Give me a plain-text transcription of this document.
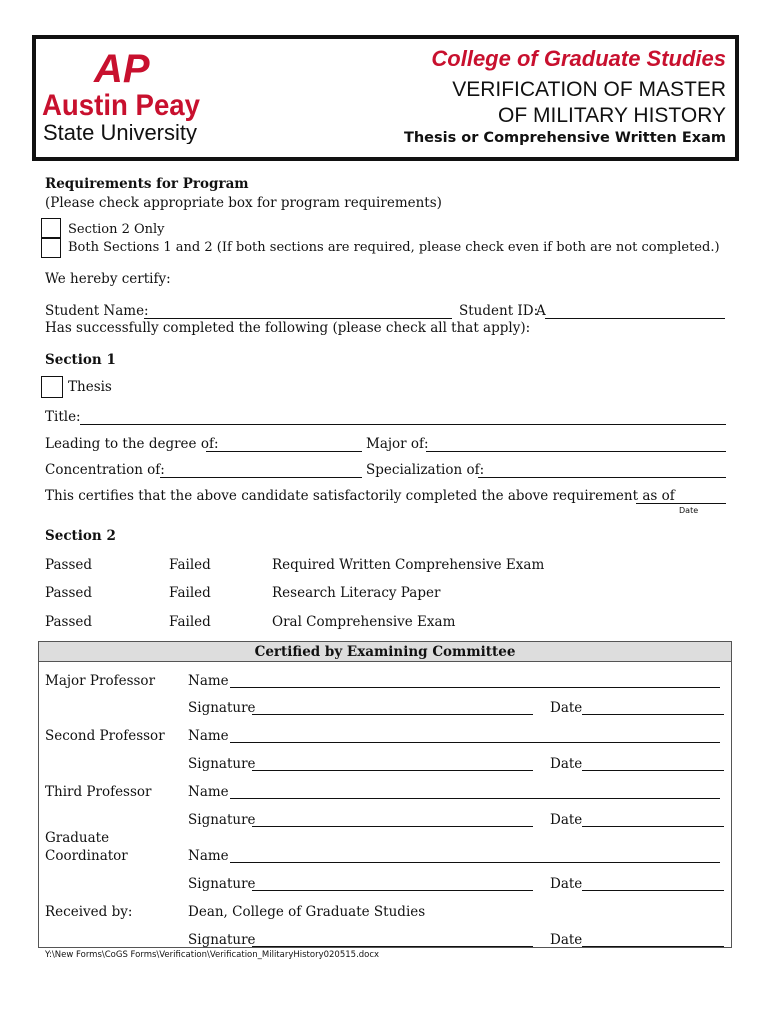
AP
Austin Peay
State University
College of Graduate Studies
VERIFICATION OF MASTER
OF MILITARY HISTORY
Thesis or Comprehensive Written Exam
Requirements for Program
(Please check appropriate box for program requirements)
Section 2 Only
Both Sections 1 and 2 (If both sections are required, please check even if both are not completed.)
We hereby certify:
Student Name:	Student ID:
A
Has successfully completed the following (please check all that apply):
Section 1
Thesis
Title:
Leading to the degree of:	Major of:
Concentration of:	Specialization of:
This certifies that the above candidate satisfactorily completed the above requirement as of
Date
Section 2
Passed	Failed	Required Written Comprehensive Exam
Passed	Failed	Research Literacy Paper
Passed	Failed	Oral Comprehensive Exam
Certified by Examining Committee
Major Professor Name
Signature	Date
Second Professor Name
Signature	Date
Third Professor	Name
Signature	Date
Graduate
Coordinator	Name
Signature	Date
Received by:	Dean, College of Graduate Studies
Signature	Date
Y:\New Forms\CoGS Forms\Verification\Verification_MilitaryHistory020515.docx
